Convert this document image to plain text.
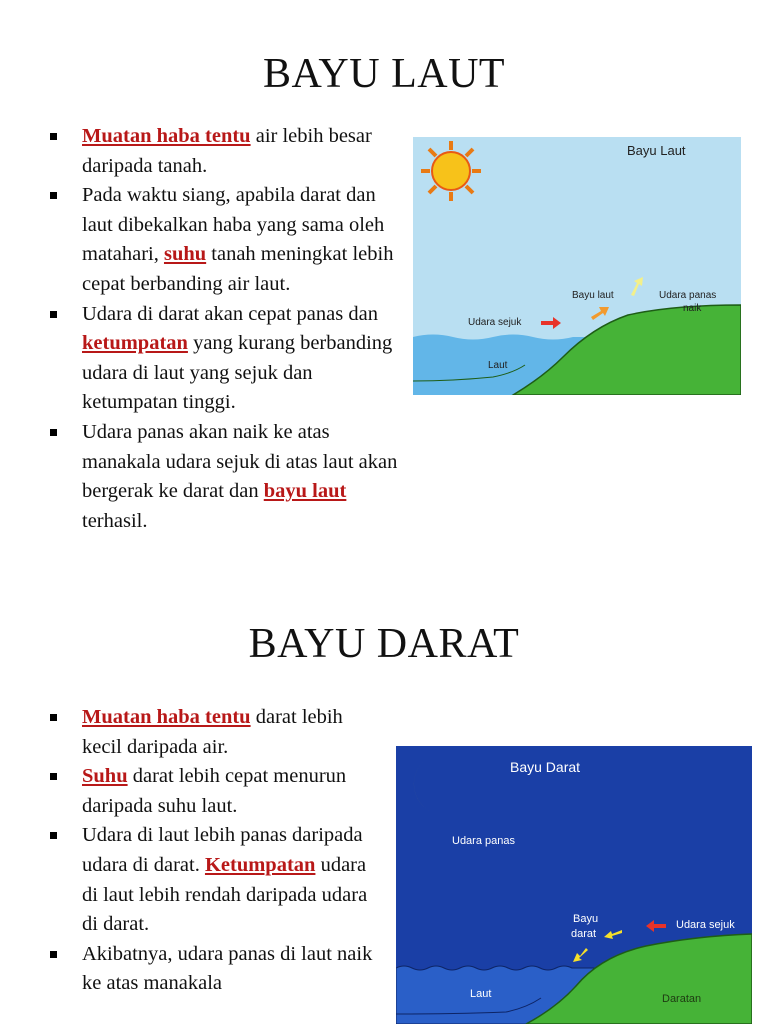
BAYU LAUT
Muatan haba tentu air lebih besar daripada tanah.
Pada waktu siang, apabila darat dan laut dibekalkan haba yang sama oleh matahari, suhu tanah meningkat lebih cepat berbanding air laut.
Udara di darat akan cepat panas dan ketumpatan yang kurang berbanding udara di laut yang sejuk dan ketumpatan tinggi.
Udara panas akan naik ke atas manakala udara sejuk di atas laut akan bergerak ke darat dan bayu laut terhasil.
Bayu Laut
Bayu laut	Udara panas
naik
Udara sejuk
Laut
BAYU DARAT
Muatan haba tentu darat lebih kecil daripada air.
Suhu darat lebih cepat menurun daripada suhu laut.
Udara di laut lebih panas daripada udara di darat. Ketumpatan udara di laut lebih rendah daripada udara di darat.
Akibatnya, udara panas di laut naik ke atas manakala
Bayu Darat
Udara panas
Bayu
darat
Udara sejuk
Laut	Daratan
